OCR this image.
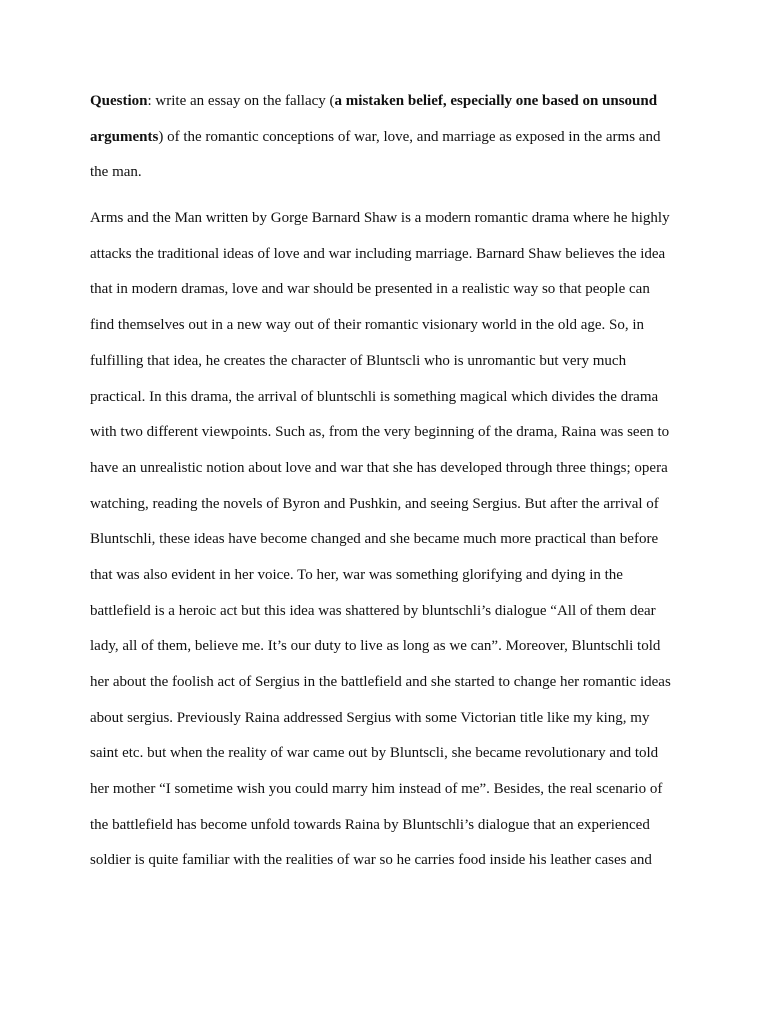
Question: write an essay on the fallacy (a mistaken belief, especially one based on unsound
arguments) of the romantic conceptions of war, love, and marriage as exposed in the arms and
the man.
Arms and the Man written by Gorge Barnard Shaw is a modern romantic drama where he highly
attacks the traditional ideas of love and war including marriage. Barnard Shaw believes the idea
that in modern dramas, love and war should be presented in a realistic way so that people can
find themselves out in a new way out of their romantic visionary world in the old age. So, in
fulfilling that idea, he creates the character of Bluntscli who is unromantic but very much
practical. In this drama, the arrival of bluntschli is something magical which divides the drama
with two different viewpoints. Such as, from the very beginning of the drama, Raina was seen to
have an unrealistic notion about love and war that she has developed through three things; opera
watching, reading the novels of Byron and Pushkin, and seeing Sergius. But after the arrival of
Bluntschli, these ideas have become changed and she became much more practical than before
that was also evident in her voice. To her, war was something glorifying and dying in the
battlefield is a heroic act but this idea was shattered by bluntschli’s dialogue “All of them dear
lady, all of them, believe me. It’s our duty to live as long as we can”. Moreover, Bluntschli told
her about the foolish act of Sergius in the battlefield and she started to change her romantic ideas
about sergius. Previously Raina addressed Sergius with some Victorian title like my king, my
saint etc. but when the reality of war came out by Bluntscli, she became revolutionary and told
her mother “I sometime wish you could marry him instead of me”. Besides, the real scenario of
the battlefield has become unfold towards Raina by Bluntschli’s dialogue that an experienced
soldier is quite familiar with the realities of war so he carries food inside his leather cases and
